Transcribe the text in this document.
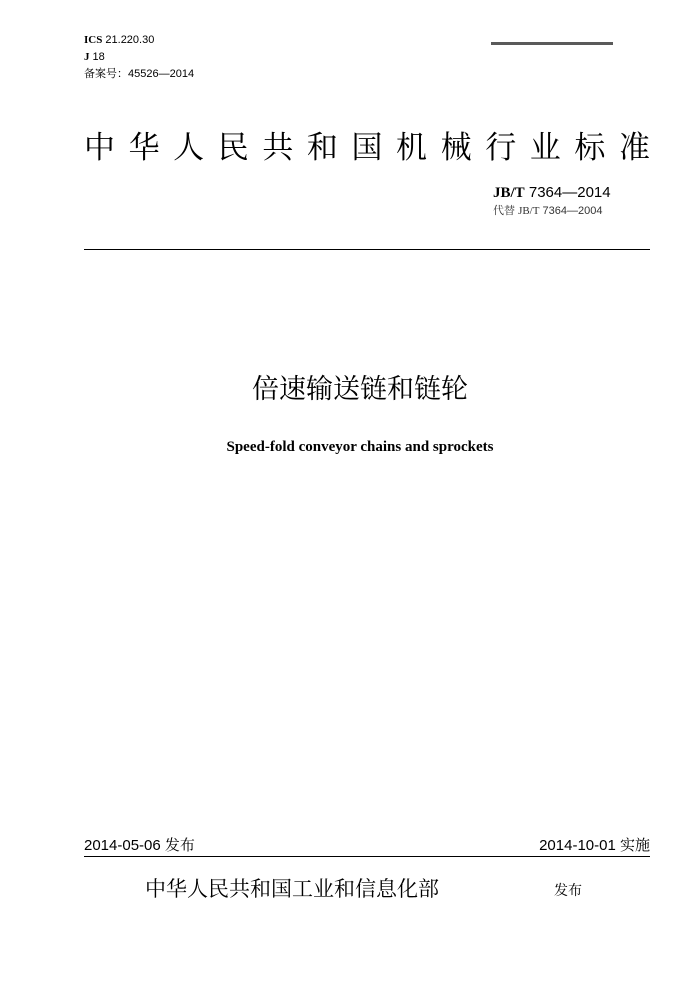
ICS 21.220.30
J 18
备案号：45526—2014
中 华 人 民 共 和 国 机 械 行 业 标 准
JB/T 7364—2014
代替 JB/T 7364—2004
倍速输送链和链轮
Speed-fold conveyor chains and sprockets
2014-05-06 发布	2014-10-01 实施
中华人民共和国工业和信息化部	发布
